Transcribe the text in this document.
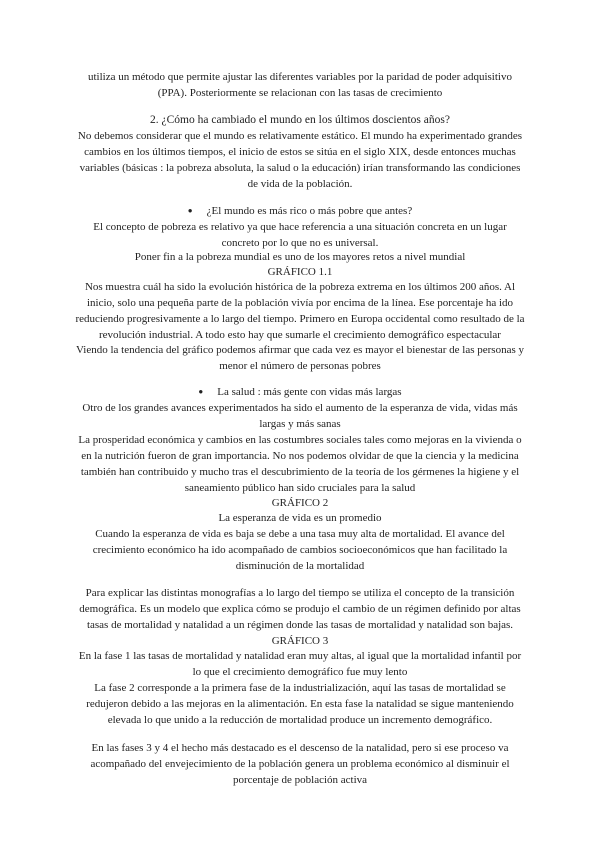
utiliza un método que permite ajustar las diferentes variables por la paridad de poder adquisitivo
(PPA). Posteriormente se relacionan con las tasas de crecimiento
2. ¿Cómo ha cambiado el mundo en los últimos doscientos años?
No debemos considerar que el mundo es relativamente estático. El mundo ha experimentado grandes
cambios en los últimos tiempos, el inicio de estos se sitúa en el siglo XIX, desde entonces muchas
variables (básicas : la pobreza absoluta, la salud o la educación) irían transformando las condiciones
de vida de la población.
● ¿El mundo es más rico o más pobre que antes?
El concepto de pobreza es relativo ya que hace referencia a una situación concreta en un lugar
concreto por lo que no es universal.
Poner fin a la pobreza mundial es uno de los mayores retos a nivel mundial
GRÁFICO 1.1
Nos muestra cuál ha sido la evolución histórica de la pobreza extrema en los últimos 200 años. Al
inicio, solo una pequeña parte de la población vivía por encima de la línea. Ese porcentaje ha ido
reduciendo progresivamente a lo largo del tiempo. Primero en Europa occidental como resultado de la
revolución industrial. A todo esto hay que sumarle el crecimiento demográfico espectacular
Viendo la tendencia del gráfico podemos afirmar que cada vez es mayor el bienestar de las personas y
menor el número de personas pobres
● La salud : más gente con vidas más largas
Otro de los grandes avances experimentados ha sido el aumento de la esperanza de vida, vidas más
largas y más sanas
La prosperidad económica y cambios en las costumbres sociales tales como mejoras en la vivienda o
en la nutrición fueron de gran importancia. No nos podemos olvidar de que la ciencia y la medicina
también han contribuido y mucho tras el descubrimiento de la teoría de los gérmenes la higiene y el
saneamiento público han sido cruciales para la salud
GRÁFICO 2
La esperanza de vida es un promedio
Cuando la esperanza de vida es baja se debe a una tasa muy alta de mortalidad. El avance del
crecimiento económico ha ido acompañado de cambios socioeconómicos que han facilitado la
disminución de la mortalidad
Para explicar las distintas monografías a lo largo del tiempo se utiliza el concepto de la transición
demográfica. Es un modelo que explica cómo se produjo el cambio de un régimen definido por altas
tasas de mortalidad y natalidad a un régimen donde las tasas de mortalidad y natalidad son bajas.
GRÁFICO 3
En la fase 1 las tasas de mortalidad y natalidad eran muy altas, al igual que la mortalidad infantil por
lo que el crecimiento demográfico fue muy lento
La fase 2 corresponde a la primera fase de la industrialización, aquí las tasas de mortalidad se
redujeron debido a las mejoras en la alimentación. En esta fase la natalidad se sigue manteniendo
elevada lo que unido a la reducción de mortalidad produce un incremento demográfico.
En las fases 3 y 4 el hecho más destacado es el descenso de la natalidad, pero si ese proceso va
acompañado del envejecimiento de la población genera un problema económico al disminuir el
porcentaje de población activa
